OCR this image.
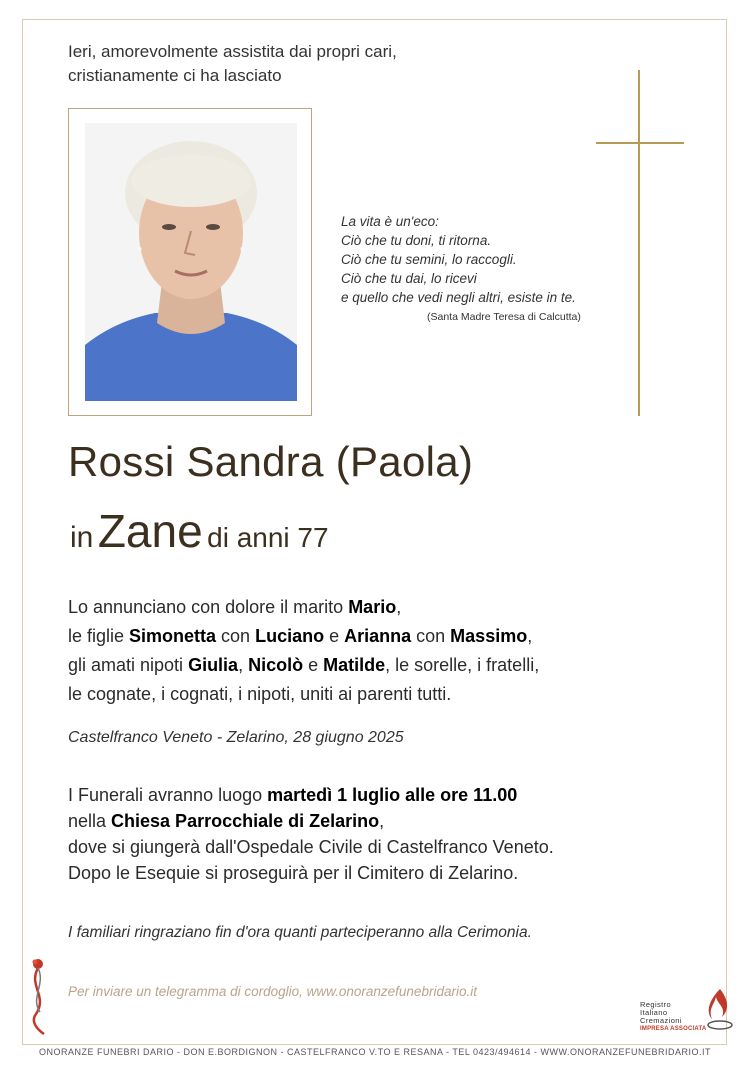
Ieri, amorevolmente assistita dai propri cari,
cristianamente ci ha lasciato
La vita è un'eco:
Ciò che tu doni, ti ritorna.
Ciò che tu semini, lo raccogli.
Ciò che tu dai, lo ricevi
e quello che vedi negli altri, esiste in te.
(Santa Madre Teresa di Calcutta)
Rossi Sandra (Paola)
in Zane di anni 77
Lo annunciano con dolore il marito Mario,
le figlie Simonetta con Luciano e Arianna con Massimo,
gli amati nipoti Giulia, Nicolò e Matilde, le sorelle, i fratelli,
le cognate, i cognati, i nipoti, uniti ai parenti tutti.
Castelfranco Veneto - Zelarino, 28 giugno 2025
I Funerali avranno luogo martedì 1 luglio alle ore 11.00
nella Chiesa Parrocchiale di Zelarino,
dove si giungerà dall'Ospedale Civile di Castelfranco Veneto.
Dopo le Esequie si proseguirà per il Cimitero di Zelarino.
I familiari ringraziano fin d'ora quanti parteciperanno alla Cerimonia.
Per inviare un telegramma di cordoglio, www.onoranzefunebridario.it
Registro
Italiano
Cremazioni
IMPRESA ASSOCIATA
ONORANZE FUNEBRI DARIO - DON E.BORDIGNON - CASTELFRANCO V.TO E RESANA - TEL 0423/494614 - WWW.ONORANZEFUNEBRIDARIO.IT
